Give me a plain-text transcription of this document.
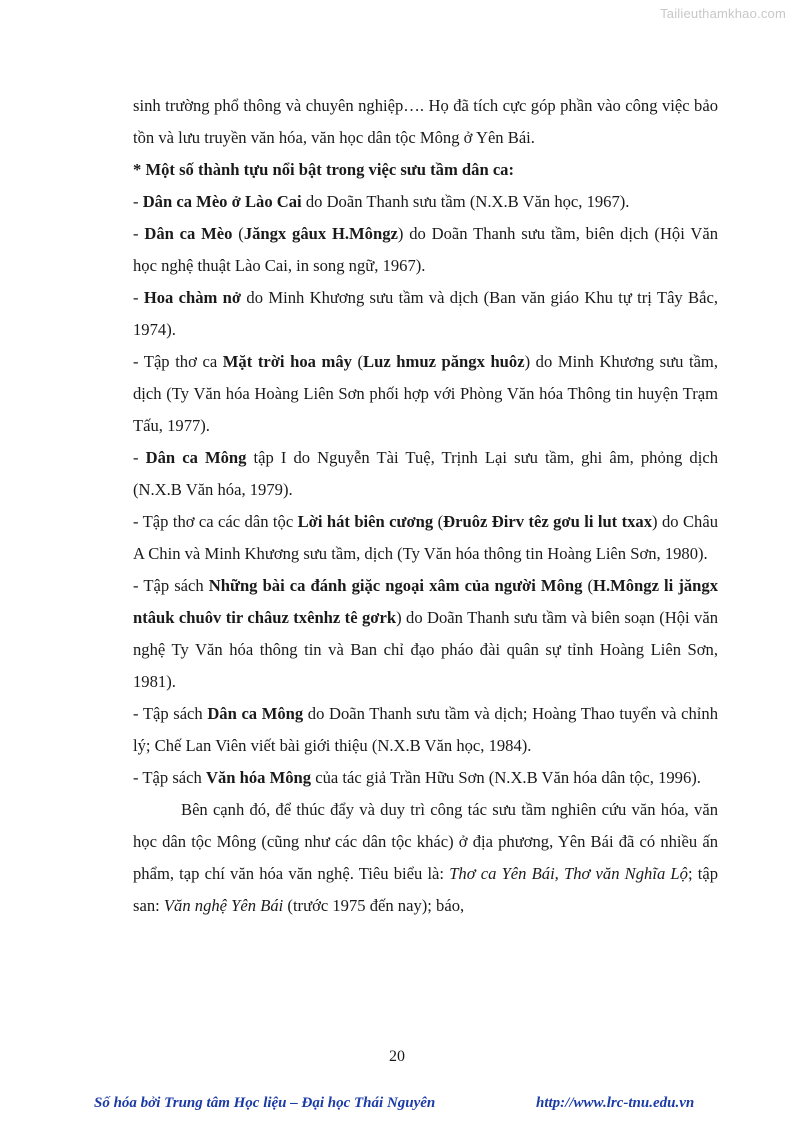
Tailieuthamkhao.com

sinh trường phổ thông và chuyên nghiệp…. Họ đã tích cực góp phần vào công việc bảo tồn và lưu truyền văn hóa, văn học dân tộc Mông ở Yên Bái.

* Một số thành tựu nổi bật trong việc sưu tầm dân ca:

- Dân ca Mèo ở Lào Cai do Doãn Thanh sưu tầm (N.X.B Văn học, 1967).

- Dân ca Mèo (Jăngx gâux H.Môngz) do Doãn Thanh sưu tầm, biên dịch (Hội Văn học nghệ thuật Lào Cai, in song ngữ, 1967).

- Hoa chàm nở do Minh Khương sưu tầm và dịch (Ban văn giáo Khu tự trị Tây Bắc, 1974).

- Tập thơ ca Mặt trời hoa mây (Luz hmuz păngx huôz) do Minh Khương sưu tầm, dịch (Ty Văn hóa Hoàng Liên Sơn phối hợp với Phòng Văn hóa Thông tin huyện Trạm Tấu, 1977).

- Dân ca Mông tập I do Nguyễn Tài Tuệ, Trịnh Lại sưu tầm, ghi âm, phỏng dịch (N.X.B Văn hóa, 1979).

- Tập thơ ca các dân tộc Lời hát biên cương (Đruôz Đirv têz gơu li lut txax) do Châu A Chin và Minh Khương sưu tầm, dịch (Ty Văn hóa thông tin Hoàng Liên Sơn, 1980).

- Tập sách Những bài ca đánh giặc ngoại xâm của người Mông (H.Môngz li jăngx ntâuk chuôv tir châuz txênhz tê gơrk) do Doãn Thanh sưu tầm và biên soạn (Hội văn nghệ Ty Văn hóa thông tin và Ban chỉ đạo pháo đài quân sự tỉnh Hoàng Liên Sơn, 1981).

- Tập sách Dân ca Mông do Doãn Thanh sưu tầm và dịch; Hoàng Thao tuyển và chỉnh lý; Chế Lan Viên viết bài giới thiệu (N.X.B Văn học, 1984).

- Tập sách Văn hóa Mông của tác giả Trần Hữu Sơn (N.X.B Văn hóa dân tộc, 1996).

Bên cạnh đó, để thúc đẩy và duy trì công tác sưu tầm nghiên cứu văn hóa, văn học dân tộc Mông (cũng như các dân tộc khác) ở địa phương, Yên Bái đã có nhiều ấn phẩm, tạp chí văn hóa văn nghệ. Tiêu biểu là: Thơ ca Yên Bái, Thơ văn Nghĩa Lộ; tập san: Văn nghệ Yên Bái (trước 1975 đến nay); báo,

20
Số hóa bởi Trung tâm Học liệu – Đại học Thái Nguyên	http://www.lrc-tnu.edu.vn
